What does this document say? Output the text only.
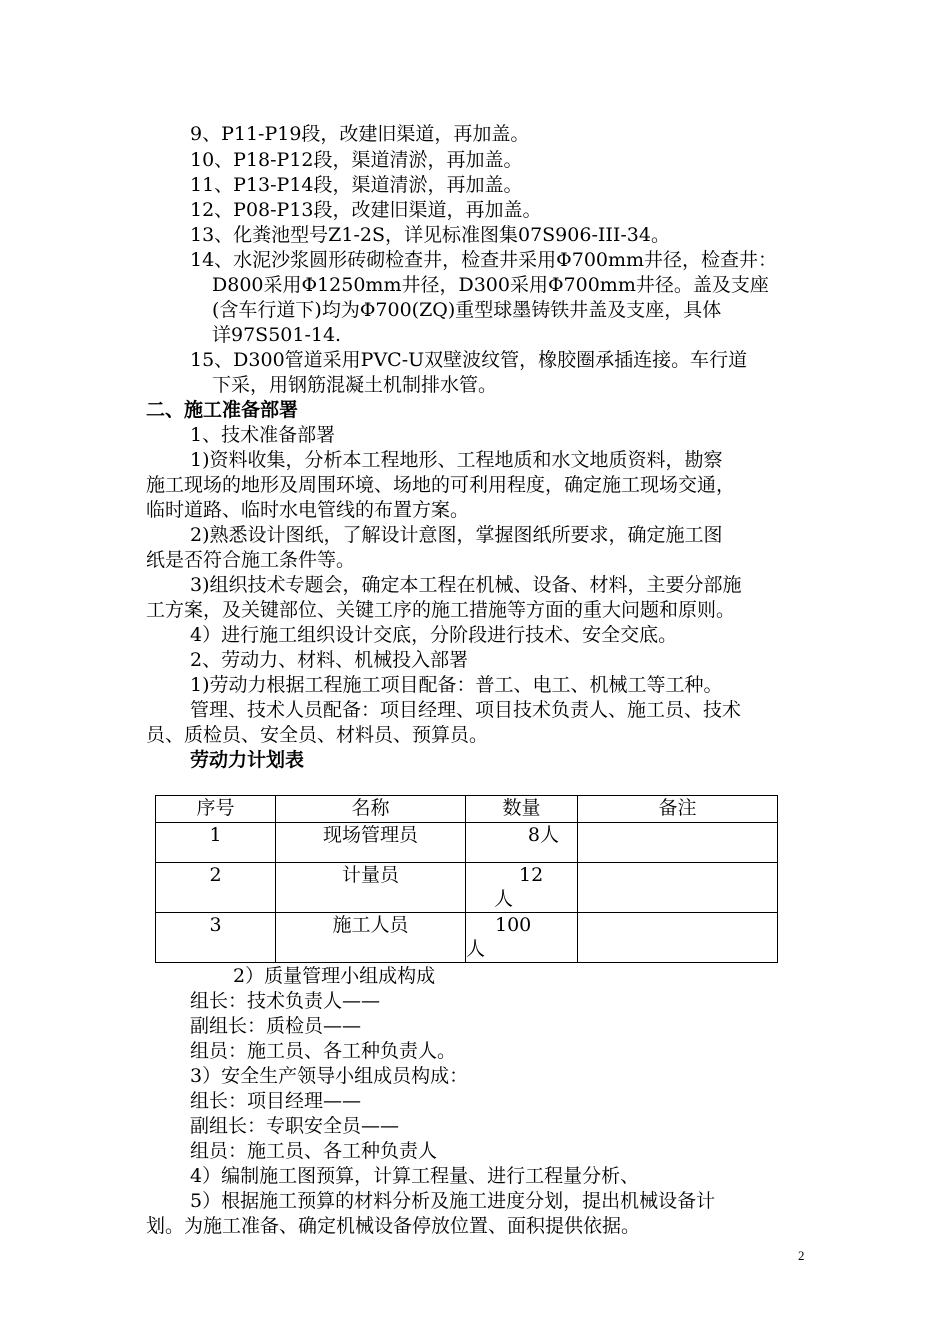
9、P11-P19段，改建旧渠道，再加盖。
10、P18-P12段，渠道清淤，再加盖。
11、P13-P14段，渠道清淤，再加盖。
12、P08-P13段，改建旧渠道，再加盖。
13、化粪池型号Z1-2S，详见标准图集07S906-III-34。
14、水泥沙浆圆形砖砌检查井，检查井采用Φ700mm井径，检查井：
D800采用Φ1250mm井径，D300采用Φ700mm井径。盖及支座
(含车行道下)均为Φ700(ZQ)重型球墨铸铁井盖及支座，具体
详97S501-14.
15、D300管道采用PVC-U双壁波纹管，橡胶圈承插连接。车行道
下采，用钢筋混凝土机制排水管。
二、施工准备部署
1、技术准备部署
1)资料收集，分析本工程地形、工程地质和水文地质资料，勘察
施工现场的地形及周围环境、场地的可利用程度，确定施工现场交通，
临时道路、临时水电管线的布置方案。
2)熟悉设计图纸，了解设计意图，掌握图纸所要求，确定施工图
纸是否符合施工条件等。
3)组织技术专题会，确定本工程在机械、设备、材料，主要分部施
工方案，及关键部位、关键工序的施工措施等方面的重大问题和原则。
4）进行施工组织设计交底，分阶段进行技术、安全交底。
2、劳动力、材料、机械投入部署
1)劳动力根据工程施工项目配备：普工、电工、机械工等工种。
管理、技术人员配备：项目经理、项目技术负责人、施工员、技术
员、质检员、安全员、材料员、预算员。
劳动力计划表
序号	名称	数量	备注
1	现场管理员	8人	
2	计量员	12
人	

3	施工人员	100
人	

2）质量管理小组成构成
组长：技术负责人——
副组长：质检员——
组员：施工员、各工种负责人。
3）安全生产领导小组成员构成：
组长：项目经理——
副组长：专职安全员——
组员：施工员、各工种负责人
4）编制施工图预算，计算工程量、进行工程量分析、
5）根据施工预算的材料分析及施工进度分划，提出机械设备计
划。为施工准备、确定机械设备停放位置、面积提供依据。
2
